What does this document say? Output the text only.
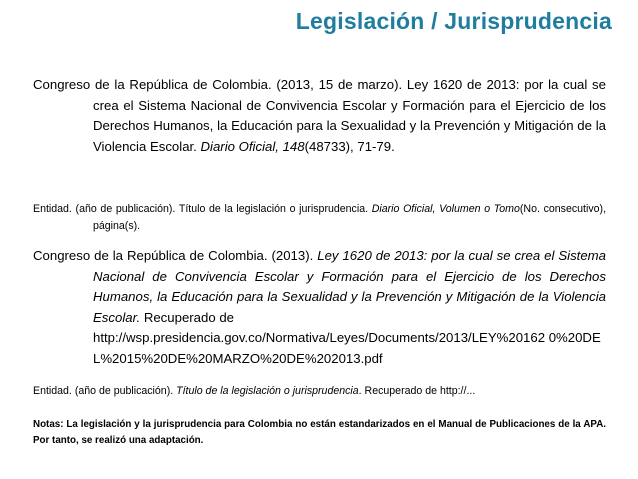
Legislación / Jurisprudencia
Congreso de la República de Colombia. (2013, 15 de marzo). Ley 1620 de 2013: por la cual se crea el Sistema Nacional de Convivencia Escolar y Formación para el Ejercicio de los Derechos Humanos, la Educación para la Sexualidad y la Prevención y Mitigación de la Violencia Escolar. Diario Oficial, 148(48733), 71-79.
Entidad. (año de publicación). Título de la legislación o jurisprudencia. Diario Oficial, Volumen o Tomo(No. consecutivo), página(s).
Congreso de la República de Colombia. (2013). Ley 1620 de 2013: por la cual se crea el Sistema Nacional de Convivencia Escolar y Formación para el Ejercicio de los Derechos Humanos, la Educación para la Sexualidad y la Prevención y Mitigación de la Violencia Escolar. Recuperado de
http://wsp.presidencia.gov.co/Normativa/Leyes/Documents/2013/LEY%20162 0%20DEL%2015%20DE%20MARZO%20DE%202013.pdf
Entidad. (año de publicación). Título de la legislación o jurisprudencia. Recuperado de http://...
Notas: La legislación y la jurisprudencia para Colombia no están estandarizados en el Manual de Publicaciones de la APA. Por tanto, se realizó una adaptación.
